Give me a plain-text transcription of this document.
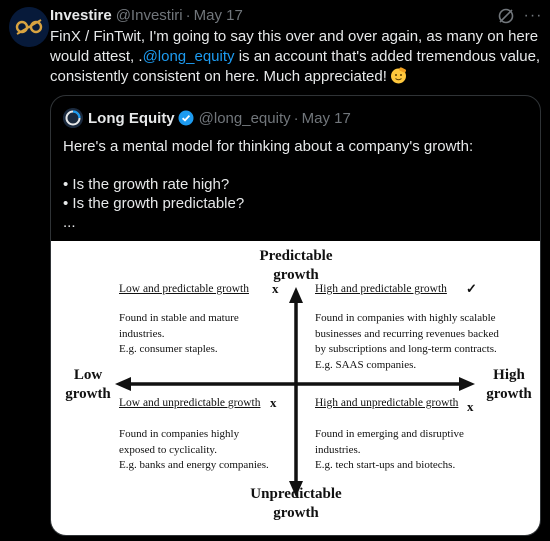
Investire @Investiri · May 17	···
FinX / FinTwit, I'm going to say this over and over again, as many on here would attest, .@long_equity is an account that's added tremendous value, consistently consistent on here. Much appreciated!
Long Equity @long_equity · May 17
Here's a mental model for thinking about a company's growth:
• Is the growth rate high?
• Is the growth predictable?
...
Predictable
growth
Unpredictable
growth
Low
growth
High
growth
Low and predictable growth x
Found in stable and mature
industries.
E.g. consumer staples.
High and predictable growth ✓
Found in companies with highly scalable
businesses and recurring revenues backed
by subscriptions and long-term contracts.
E.g. SAAS companies.
Low and unpredictable growth x
Found in companies highly
exposed to cyclicality.
E.g. banks and energy companies.
High and unpredictable growth x
Found in emerging and disruptive
industries.
E.g. tech start-ups and biotechs.
